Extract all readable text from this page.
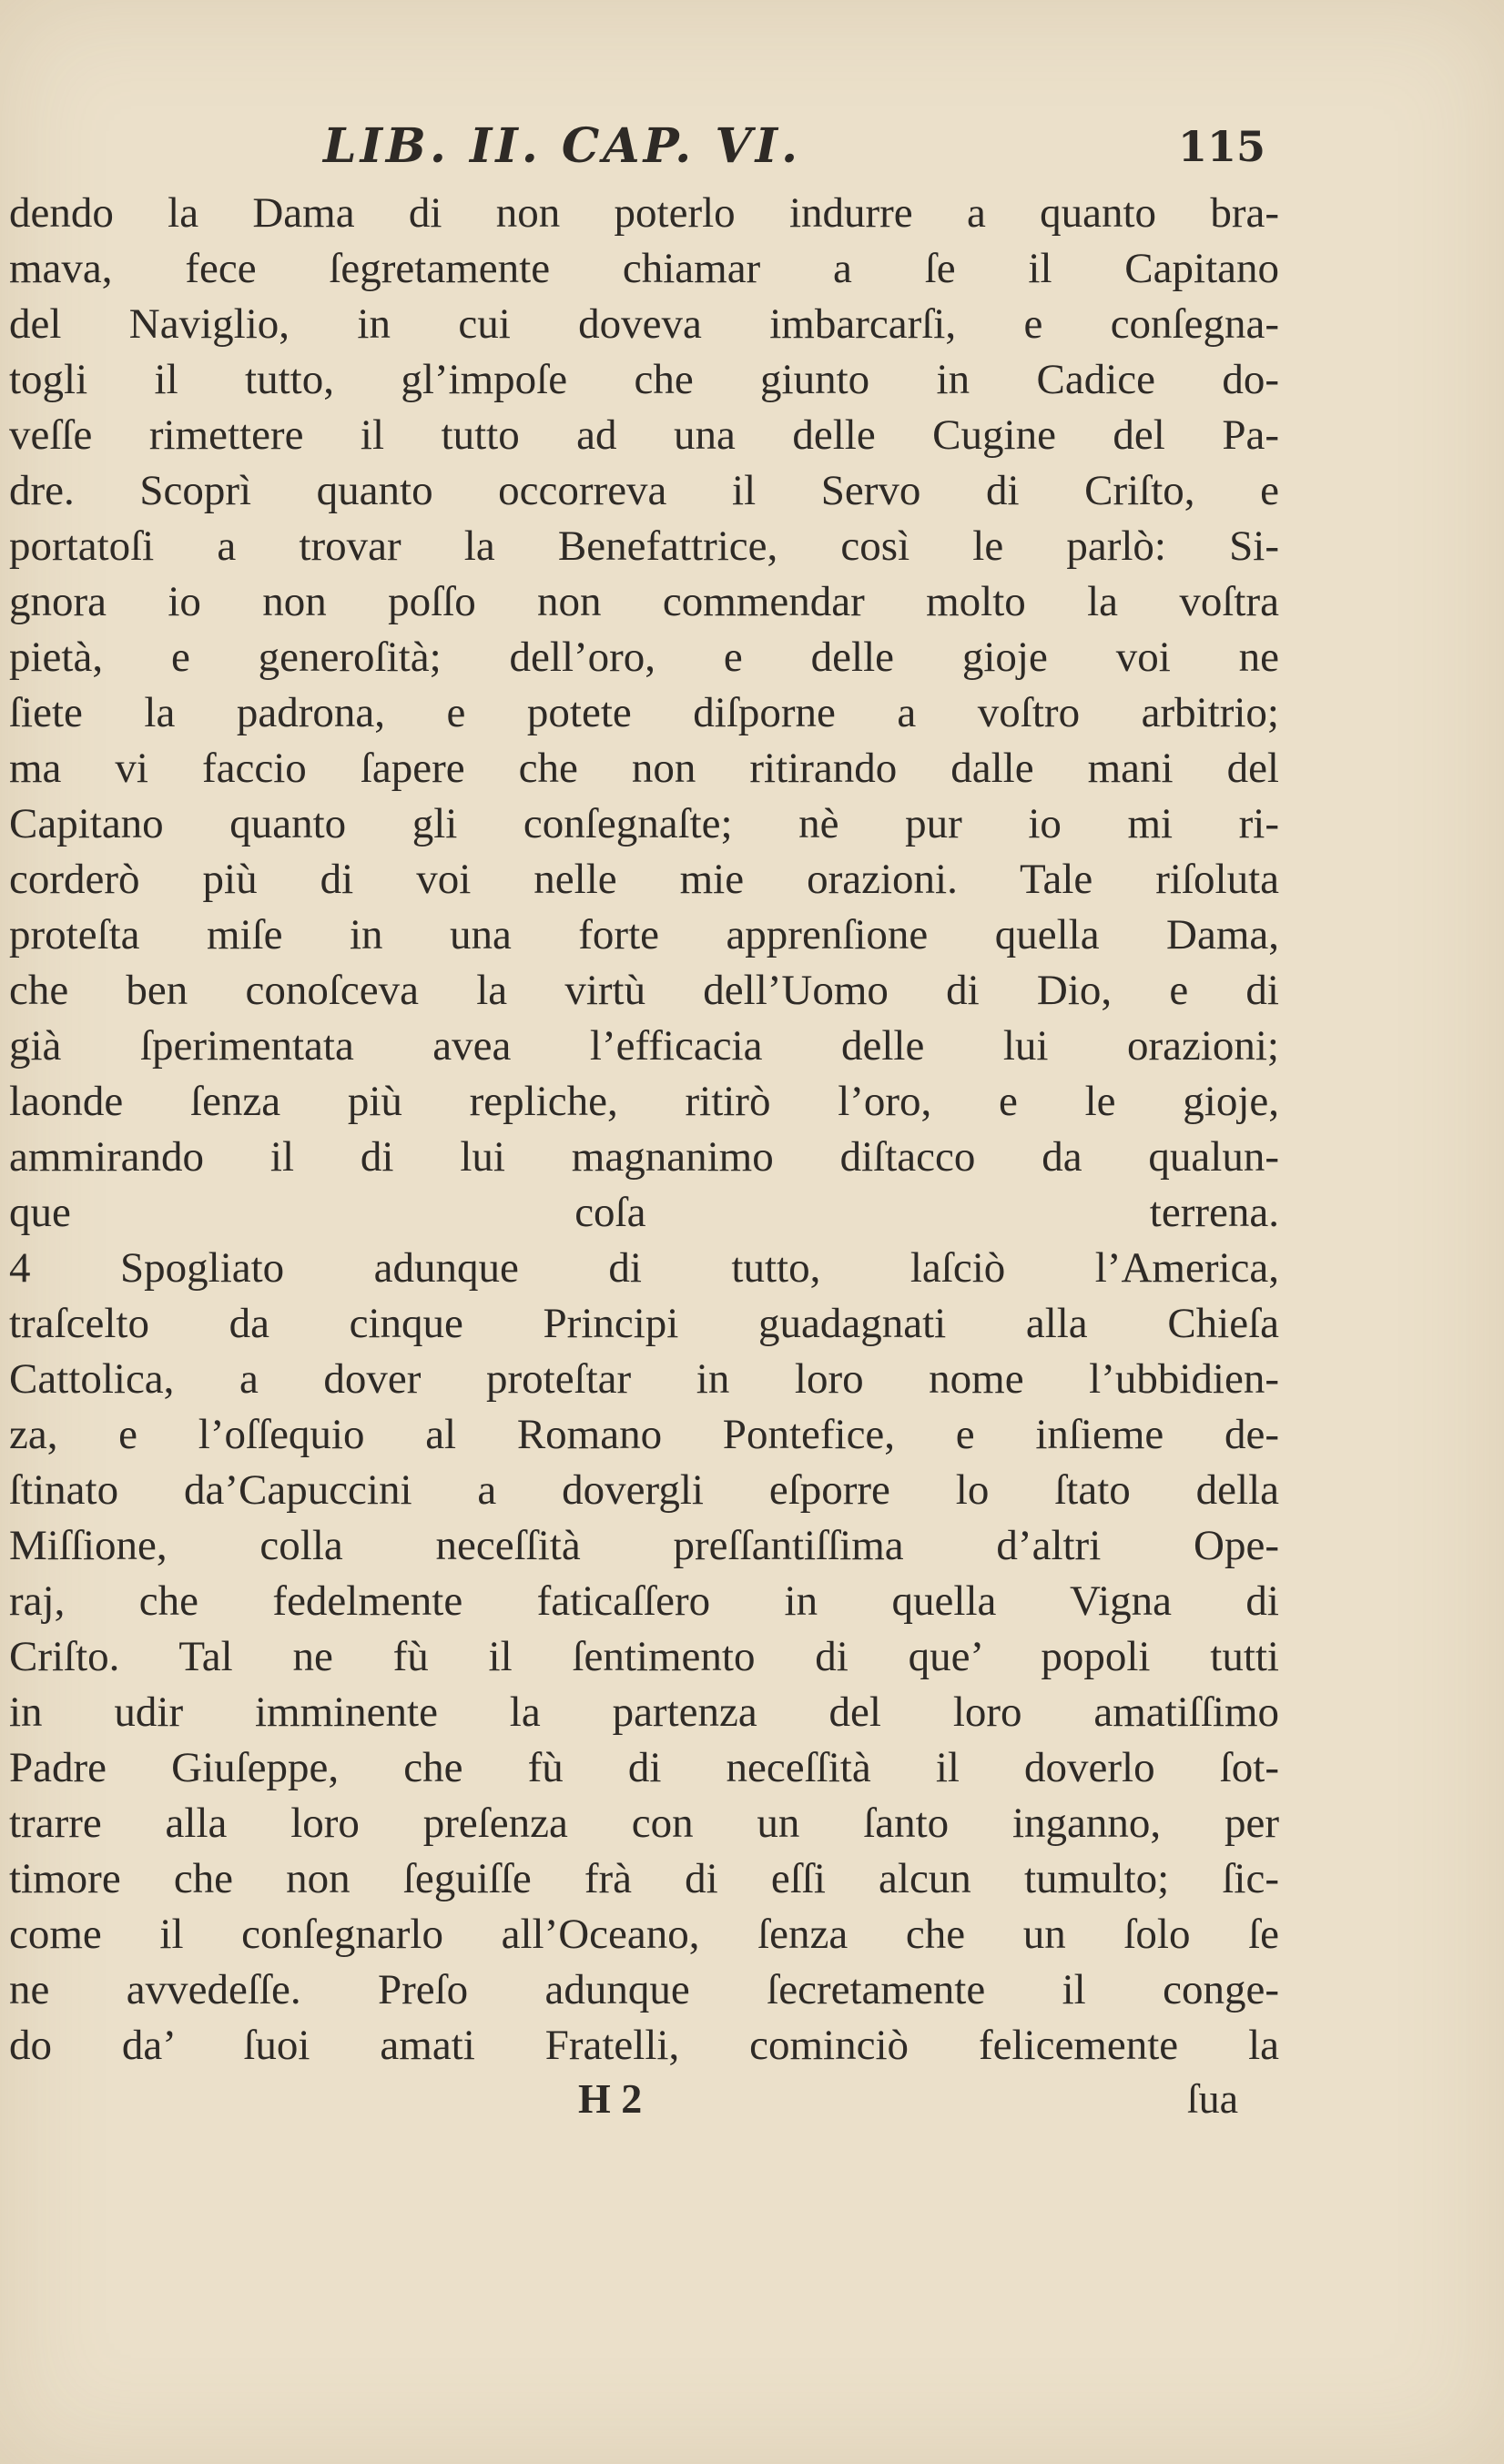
LIB. II. CAP. VI.	115
dendo la Dama di non poterlo indurre a quanto bra-
mava, fece ſegretamente chiamar a ſe il Capitano
del Naviglio, in cui doveva imbarcarſi, e conſegna-
togli il tutto, gl’impoſe che giunto in Cadice do-
veſſe rimettere il tutto ad una delle Cugine del Pa-
dre. Scoprì quanto occorreva il Servo di Criſto, e
portatoſi a trovar la Benefattrice, così le parlò: Si-
gnora io non poſſo non commendar molto la voſtra
pietà, e generoſità; dell’oro, e delle gioje voi ne
ſiete la padrona, e potete diſporne a voſtro arbitrio;
ma vi faccio ſapere che non ritirando dalle mani del
Capitano quanto gli conſegnaſte; nè pur io mi ri-
corderò più di voi nelle mie orazioni. Tale riſoluta
proteſta miſe in una forte apprenſione quella Dama,
che ben conoſceva la virtù dell’Uomo di Dio, e di
già ſperimentata avea l’efficacia delle lui orazioni;
laonde ſenza più repliche, ritirò l’oro, e le gioje,
ammirando il di lui magnanimo diſtacco da qualun-
que coſa terrena.
4 Spogliato adunque di tutto, laſciò l’America,
traſcelto da cinque Principi guadagnati alla Chieſa
Cattolica, a dover proteſtar in loro nome l’ubbidien-
za, e l’oſſequio al Romano Pontefice, e inſieme de-
ſtinato da’Capuccini a dovergli eſporre lo ſtato della
Miſſione, colla neceſſità preſſantiſſima d’altri Ope-
raj, che fedelmente faticaſſero in quella Vigna di
Criſto. Tal ne fù il ſentimento di que’ popoli tutti
in udir imminente la partenza del loro amatiſſimo
Padre Giuſeppe, che fù di neceſſità il doverlo ſot-
trarre alla loro preſenza con un ſanto inganno, per
timore che non ſeguiſſe frà di eſſi alcun tumulto; ſic-
come il conſegnarlo all’Oceano, ſenza che un ſolo ſe
ne avvedeſſe. Preſo adunque ſecretamente il conge-
do da’ ſuoi amati Fratelli, cominciò felicemente la
H 2	ſua
